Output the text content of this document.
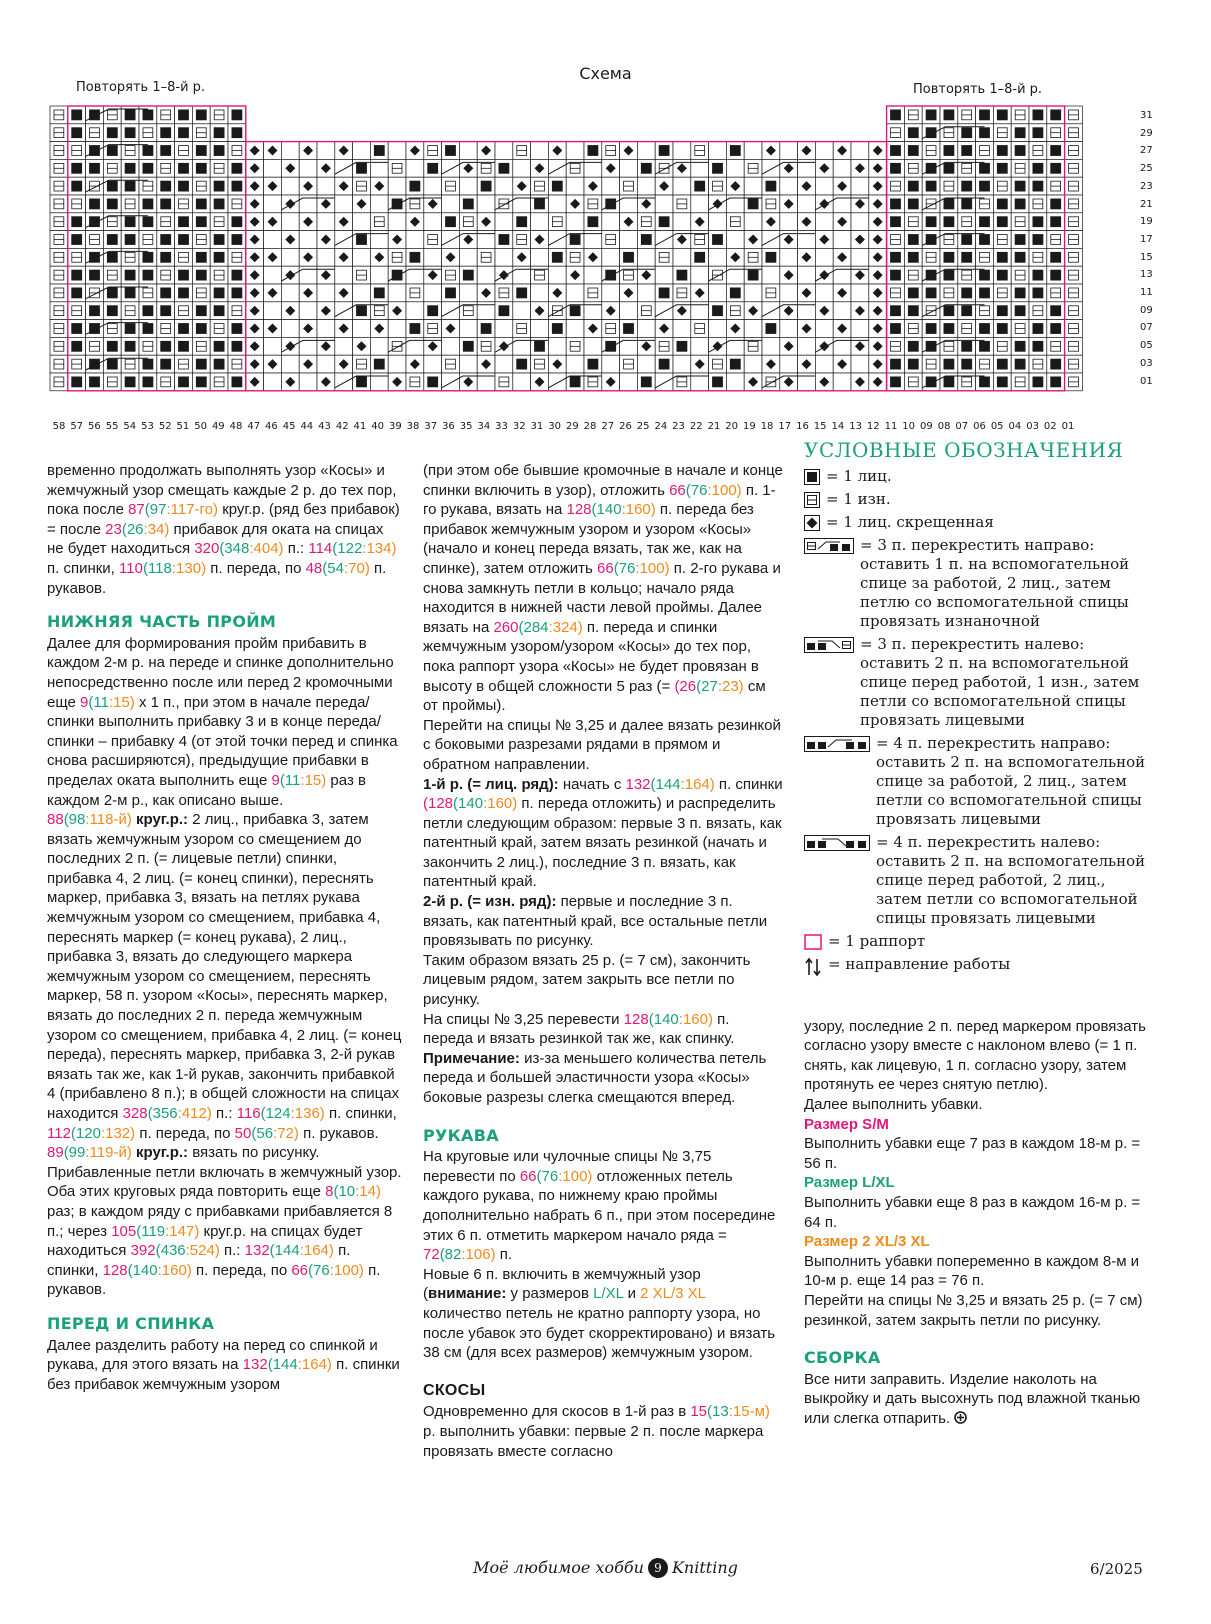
Схема
Повторять 1–8-й р.	Повторять 1–8-й р.
31
29
27
25
23
21
19
17
15
13
11
09
07
05
03
01
58 57 56 55 54 53 52 51 50 49 48 47 46 45 44 43 42 41 40 39 38 37 36 35 34 33 32 31 30 29 28 27 26 25 24 23 22 21 20 19 18 17 16 15 14 13 12 11 10 09 08 07 06 05 04 03 02 01

временно продолжать выполнять узор «Косы» и жемчужный узор смещать каждые 2 р. до тех пор, пока после 87(97:117-го) круг.р. (ряд без прибавок) = после 23(26:34) прибавок для оката на спицах не будет находиться 320(348:404) п.: 114(122:134) п. спинки, 110(118:130) п. переда, по 48(54:70) п. рукавов.

НИЖНЯЯ ЧАСТЬ ПРОЙМ

Далее для формирования пройм прибавить в каждом 2-м р. на переде и спинке дополнительно непосредственно после или перед 2 кромочными еще 9(11:15) х 1 п., при этом в начале переда/спинки выполнить прибавку 3 и в конце переда/спинки – прибавку 4 (от этой точки перед и спинка снова расширяются), предыдущие прибавки в пределах оката выполнить еще 9(11:15) раз в каждом 2-м р., как описано выше.

88(98:118-й) круг.р.: 2 лиц., прибавка 3, затем вязать жемчужным узором со смещением до последних 2 п. (= лицевые петли) спинки, прибавка 4, 2 лиц. (= конец спинки), переснять маркер, прибавка 3, вязать на петлях рукава жемчужным узором со смещением, прибавка 4, переснять маркер (= конец рукава), 2 лиц., прибавка 3, вязать до следующего маркера жемчужным узором со смещением, переснять маркер, 58 п. узором «Косы», переснять маркер, вязать до последних 2 п. переда жемчужным узором со смещением, прибавка 4, 2 лиц. (= конец переда), переснять маркер, прибавка 3, 2-й рукав вязать так же, как 1-й рукав, закончить прибавкой 4 (прибавлено 8 п.); в общей сложности на спицах находится 328(356:412) п.: 116(124:136) п. спинки, 112(120:132) п. переда, по 50(56:72) п. рукавов.

89(99:119-й) круг.р.: вязать по рисунку. Прибавленные петли включать в жемчужный узор.

Оба этих круговых ряда повторить еще 8(10:14) раз; в каждом ряду с прибавками прибавляется 8 п.; через 105(119:147) круг.р. на спицах будет находиться 392(436:524) п.: 132(144:164) п. спинки, 128(140:160) п. переда, по 66(76:100) п. рукавов.

ПЕРЕД И СПИНКА

Далее разделить работу на перед со спинкой и рукава, для этого вязать на 132(144:164) п. спинки без прибавок жемчужным узором

(при этом обе бывшие кромочные в начале и конце спинки включить в узор), отложить 66(76:100) п. 1-го рукава, вязать на 128(140:160) п. переда без прибавок жемчужным узором и узором «Косы» (начало и конец переда вязать, так же, как на спинке), затем отложить 66(76:100) п. 2-го рукава и снова замкнуть петли в кольцо; начало ряда находится в нижней части левой проймы. Далее вязать на 260(284:324) п. переда и спинки жемчужным узором/узором «Косы» до тех пор, пока раппорт узора «Косы» не будет провязан в высоту в общей сложности 5 раз (= (26(27:23) см от проймы).

Перейти на спицы № 3,25 и далее вязать резинкой с боковыми разрезами рядами в прямом и обратном направлении.

1-й р. (= лиц. ряд): начать с 132(144:164) п. спинки (128(140:160) п. переда отложить) и распределить петли следующим образом: первые 3 п. вязать, как патентный край, затем вязать резинкой (начать и закончить 2 лиц.), последние 3 п. вязать, как патентный край.

2-й р. (= изн. ряд): первые и последние 3 п. вязать, как патентный край, все остальные петли провязывать по рисунку.

Таким образом вязать 25 р. (= 7 см), закончить лицевым рядом, затем закрыть все петли по рисунку.

На спицы № 3,25 перевести 128(140:160) п. переда и вязать резинкой так же, как спинку.

Примечание: из-за меньшего количества петель переда и большей эластичности узора «Косы» боковые разрезы слегка смещаются вперед.

РУКАВА

На круговые или чулочные спицы № 3,75 перевести по 66(76:100) отложенных петель каждого рукава, по нижнему краю проймы дополнительно набрать 6 п., при этом посередине этих 6 п. отметить маркером начало ряда = 72(82:106) п.

Новые 6 п. включить в жемчужный узор (внимание: у размеров L/XL и 2 XL/3 XL количество петель не кратно раппорту узора, но после убавок это будет скорректировано) и вязать 38 см (для всех размеров) жемчужным узором.

СКОСЫ

Одновременно для скосов в 1-й раз в 15(13:15-м) р. выполнить убавки: первые 2 п. после маркера провязать вместе согласно

УСЛОВНЫЕ ОБОЗНАЧЕНИЯ
= 1 лиц.
= 1 изн.
= 1 лиц. скрещенная
= 3 п. перекрестить направо: оставить 1 п. на вспомогательной спице за работой, 2 лиц., затем петлю со вспомогательной спицы провязать изнаночной
= 3 п. перекрестить налево: оставить 2 п. на вспомогательной спице перед работой, 1 изн., затем петли со вспомогательной спицы провязать лицевыми
= 4 п. перекрестить направо: оставить 2 п. на вспомогательной спице за работой, 2 лиц., затем петли со вспомогательной спицы провязать лицевыми
= 4 п. перекрестить налево: оставить 2 п. на вспомогательной спице перед работой, 2 лиц., затем петли со вспомогательной спицы провязать лицевыми
= 1 раппорт
= направление работы

узору, последние 2 п. перед маркером провязать согласно узору вместе с наклоном влево (= 1 п. снять, как лицевую, 1 п. согласно узору, затем протянуть ее через снятую петлю).

Далее выполнить убавки.

Размер S/M

Выполнить убавки еще 7 раз в каждом 18-м р. = 56 п.

Размер L/XL

Выполнить убавки еще 8 раз в каждом 16-м р. = 64 п.

Размер 2 XL/3 XL

Выполнить убавки попеременно в каждом 8-м и 10-м р. еще 14 раз = 76 п.

Перейти на спицы № 3,25 и вязать 25 р. (= 7 см) резинкой, затем закрыть петли по рисунку.

СБОРКА

Все нити заправить. Изделие наколоть на выкройку и дать высохнуть под влажной тканью или слегка отпарить.

Моё любимое хобби 9 Knitting	6/2025
